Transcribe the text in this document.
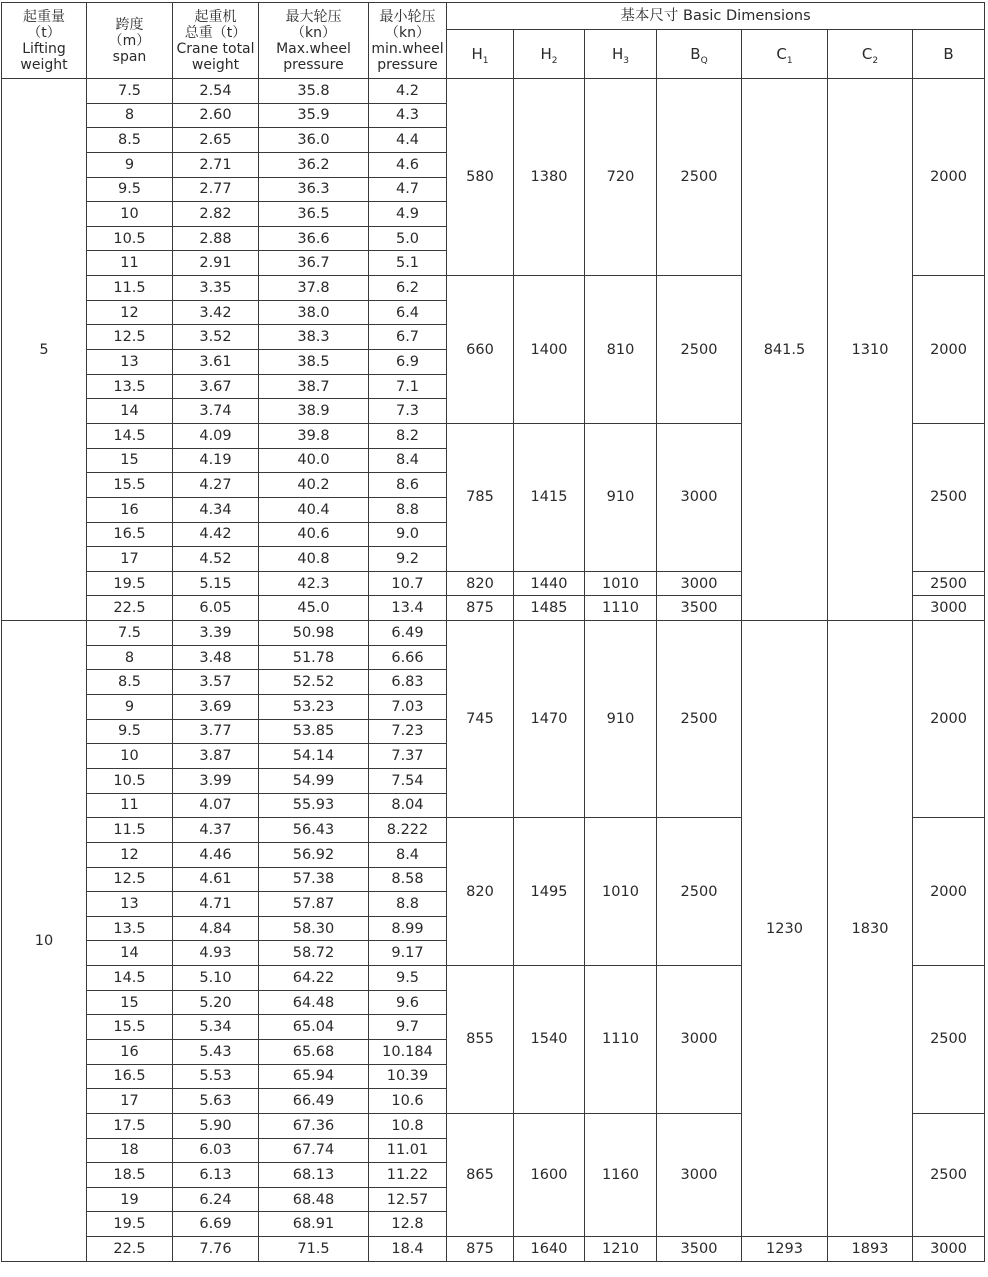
起重量
（t）
Lifting
weight	跨度
（m）
span	起重机
总重（t）
Crane total
weight	最大轮压
（kn）
Max.wheel
pressure	最小轮压
（kn）
min.wheel
pressure	基本尺寸 Basic Dimensions						
					$H_1$	$H_2$	$H_3$	$B_Q$	$C_1$	$C_2$	B
5	7.5	2.54	35.8	4.2	580	1380	720	2500	841.5	1310	2000
	8	2.60	35.9	4.3							
	8.5	2.65	36.0	4.4							
	9	2.71	36.2	4.6							
	9.5	2.77	36.3	4.7							
	10	2.82	36.5	4.9							
	10.5	2.88	36.6	5.0							
	11	2.91	36.7	5.1							
	11.5	3.35	37.8	6.2	660	1400	810	2500			2000
	12	3.42	38.0	6.4							
	12.5	3.52	38.3	6.7							
	13	3.61	38.5	6.9							
	13.5	3.67	38.7	7.1							
	14	3.74	38.9	7.3							
	14.5	4.09	39.8	8.2	785	1415	910	3000			2500
	15	4.19	40.0	8.4							
	15.5	4.27	40.2	8.6							
	16	4.34	40.4	8.8							
	16.5	4.42	40.6	9.0							
	17	4.52	40.8	9.2							
	19.5	5.15	42.3	10.7	820	1440	1010	3000			2500
	22.5	6.05	45.0	13.4	875	1485	1110	3500			3000
10	7.5	3.39	50.98	6.49	745	1470	910	2500	1230	1830	2000
	8	3.48	51.78	6.66							
	8.5	3.57	52.52	6.83							
	9	3.69	53.23	7.03							
	9.5	3.77	53.85	7.23							
	10	3.87	54.14	7.37							
	10.5	3.99	54.99	7.54							
	11	4.07	55.93	8.04							
	11.5	4.37	56.43	8.222	820	1495	1010	2500			2000
	12	4.46	56.92	8.4							
	12.5	4.61	57.38	8.58							
	13	4.71	57.87	8.8							
	13.5	4.84	58.30	8.99							
	14	4.93	58.72	9.17							
	14.5	5.10	64.22	9.5	855	1540	1110	3000			2500
	15	5.20	64.48	9.6							
	15.5	5.34	65.04	9.7							
	16	5.43	65.68	10.184							
	16.5	5.53	65.94	10.39							
	17	5.63	66.49	10.6							
	17.5	5.90	67.36	10.8	865	1600	1160	3000			2500
	18	6.03	67.74	11.01							
	18.5	6.13	68.13	11.22							
	19	6.24	68.48	12.57							
	19.5	6.69	68.91	12.8							
	22.5	7.76	71.5	18.4	875	1640	1210	3500	1293	1893	3000
